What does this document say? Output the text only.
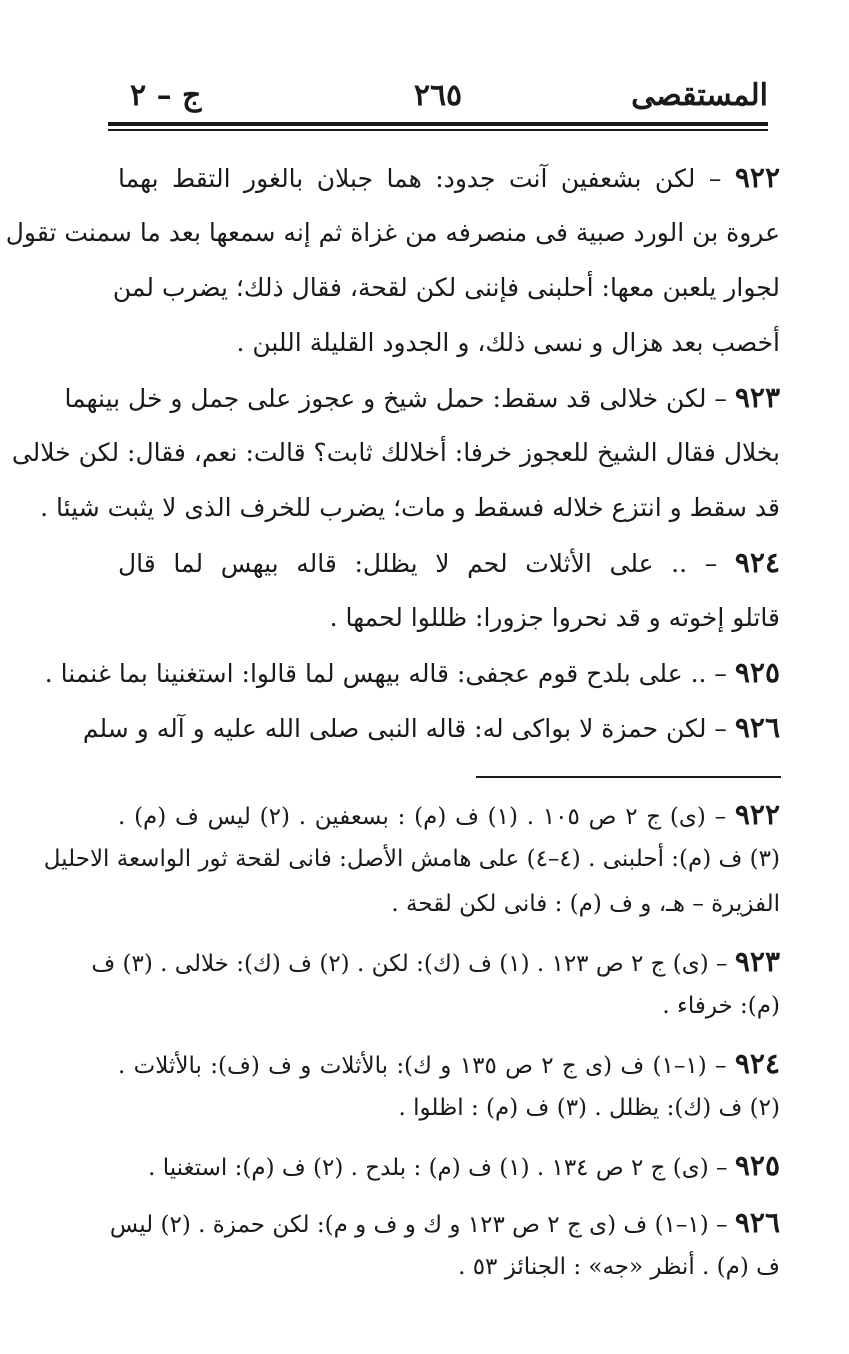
المستقصى
٢٦٥
ج – ٢
٩٢٢ – لكن بشعفين آنت جدود: هما جبلان بالغور التقط بهما
عروة بن الورد صبية فى منصرفه من غزاة ثم إنه سمعها بعد ما سمنت تقول
لجوار يلعبن معها: أحلبنى فإننى لكن لقحة، فقال ذلك؛ يضرب لمن
أخصب بعد هزال و نسى ذلك، و الجدود القليلة اللبن .
٩٢٣ – لكن خلالى قد سقط: حمل شيخ و عجوز على جمل و خل بينهما
بخلال فقال الشيخ للعجوز خرفا: أخلالك ثابت؟ قالت: نعم، فقال: لكن خلالى
قد سقط و انتزع خلاله فسقط و مات؛ يضرب للخرف الذى لا يثبت شيئا .
٩٢٤ – .. على الأثلات لحم لا يظلل: قاله بيهس لما قال
قاتلو إخوته و قد نحروا جزورا: ظللوا لحمها .
٩٢٥ – .. على بلدح قوم عجفى: قاله بيهس لما قالوا: استغنينا بما غنمنا .
٩٢٦ – لكن حمزة لا بواكى له: قاله النبى صلى الله عليه و آله و سلم
٩٢٢ – (ى) ج ٢ ص ١٠٥ . (١) ف (م) : بسعفين . (٢) ليس ف (م) .
(٣) ف (م): أحلبنى . (٤–٤) على هامش الأصل: فانى لقحة ثور الواسعة الاحليل
الفزيرة – هـ، و ف (م) : فانى لكن لقحة .
٩٢٣ – (ى) ج ٢ ص ١٢٣ . (١) ف (ك): لكن . (٢) ف (ك): خلالى . (٣) ف
(م): خرفاء .
٩٢٤ – (١–١) ف (ى ج ٢ ص ١٣٥ و ك): بالأثلات و ف (ف): بالأثلات .
(٢) ف (ك): يظلل . (٣) ف (م) : اظلوا .
٩٢٥ – (ى) ج ٢ ص ١٣٤ . (١) ف (م) : بلدح . (٢) ف (م): استغنيا .
٩٢٦ – (١–١) ف (ى ج ٢ ص ١٢٣ و ك و ف و م): لكن حمزة . (٢) ليس
ف (م) . أنظر «جه» : الجنائز ٥٣ .
